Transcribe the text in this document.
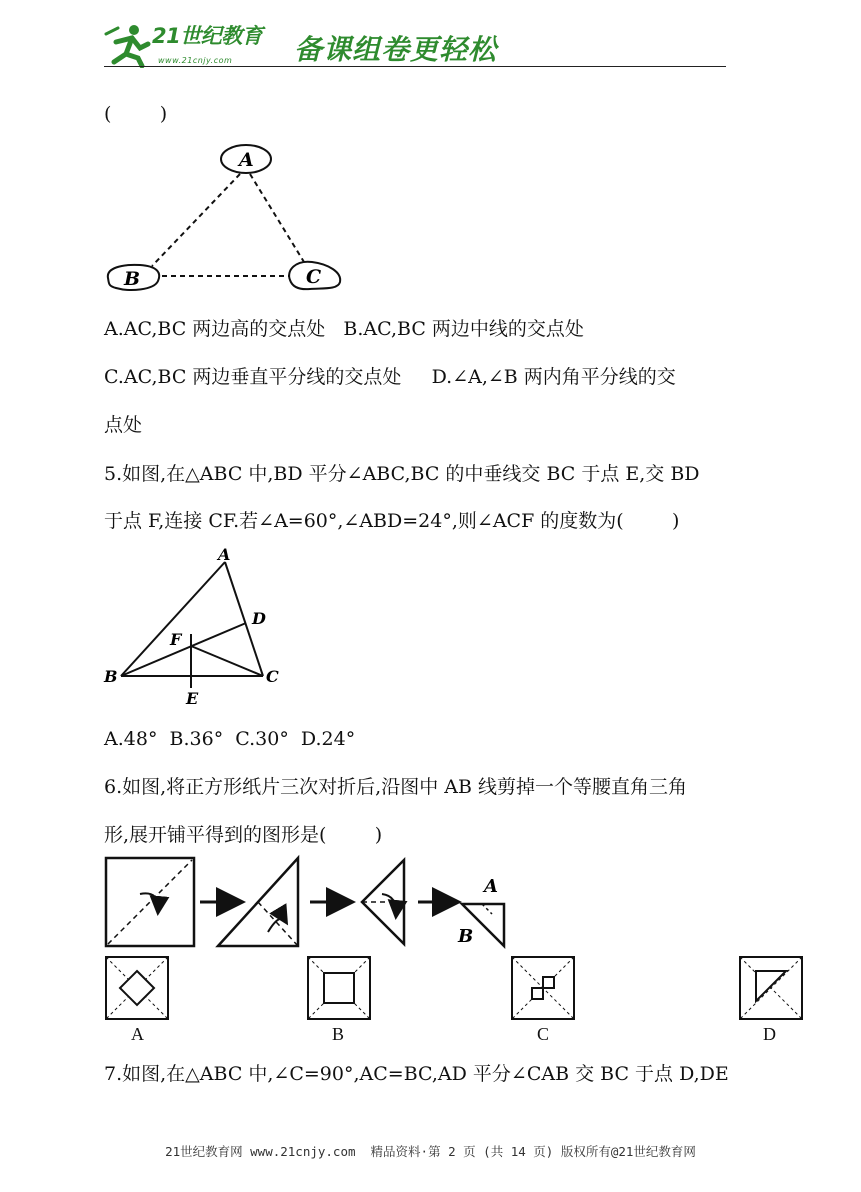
21世纪教育
www.21cnjy.com 备课组卷更轻松
(        )
A
B	C
A.AC,BC 两边高的交点处   B.AC,BC 两边中线的交点处
C.AC,BC 两边垂直平分线的交点处     D.∠A,∠B 两内角平分线的交
点处
5.如图,在△ABC 中,BD 平分∠ABC,BC 的中垂线交 BC 于点 E,交 BD
于点 F,连接 CF.若∠A=60°,∠ABD=24°,则∠ACF 的度数为(        )
A
B	C
D
E
F
A.48°  B.36°  C.30°  D.24°
6.如图,将正方形纸片三次对折后,沿图中 AB 线剪掉一个等腰直角三角
形,展开铺平得到的图形是(        )
A
B
A	B	C	D
7.如图,在△ABC 中,∠C=90°,AC=BC,AD 平分∠CAB 交 BC 于点 D,DE
21世纪教育网 www.21cnjy.com  精品资料·第 2 页 (共 14 页) 版权所有@21世纪教育网
